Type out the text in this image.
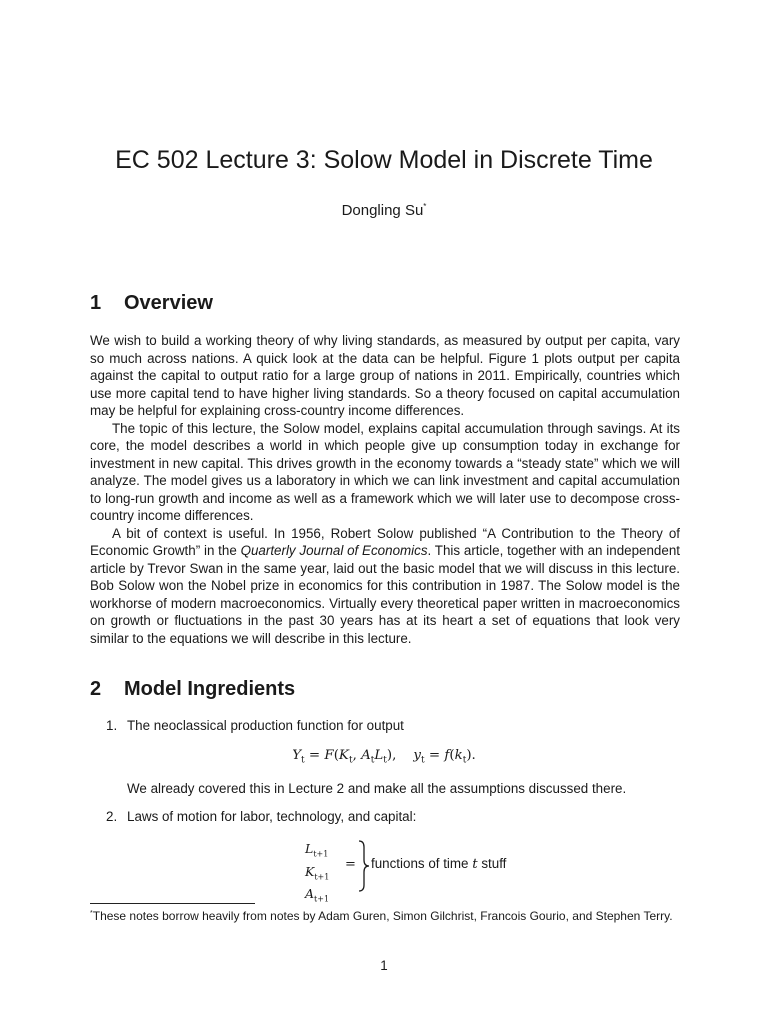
EC 502 Lecture 3: Solow Model in Discrete Time
Dongling Su*
1 Overview

We wish to build a working theory of why living standards, as measured by output per capita, vary so much across nations. A quick look at the data can be helpful. Figure 1 plots output per capita against the capital to output ratio for a large group of nations in 2011. Empirically, countries which use more capital tend to have higher living standards. So a theory focused on capital accumulation may be helpful for explaining cross-country income differences.

The topic of this lecture, the Solow model, explains capital accumulation through savings. At its core, the model describes a world in which people give up consumption today in exchange for investment in new capital. This drives growth in the economy towards a “steady state” which we will analyze. The model gives us a laboratory in which we can link investment and capital accumulation to long-run growth and income as well as a framework which we will later use to decompose cross-country income differences.

A bit of context is useful. In 1956, Robert Solow published “A Contribution to the Theory of Economic Growth” in the Quarterly Journal of Economics. This article, together with an independent article by Trevor Swan in the same year, laid out the basic model that we will discuss in this lecture. Bob Solow won the Nobel prize in economics for this contribution in 1987. The Solow model is the workhorse of modern macroeconomics. Virtually every theoretical paper written in macroeconomics on growth or fluctuations in the past 30 years has at its heart a set of equations that look very similar to the equations we will describe in this lecture.

2 Model Ingredients
1. The neoclassical production function for output
$Y_t = F(K_t$, $A_tL_t$),    $y_t = f(k_t)$.
We already covered this in Lecture 2 and make all the assumptions discussed there.
2. Laws of motion for labor, technology, and capital:
$L_{t+1}$
$K_{t+1}$
$A_{t+1}$
= functions of time t stuff
*These notes borrow heavily from notes by Adam Guren, Simon Gilchrist, Francois Gourio, and Stephen Terry.
1
